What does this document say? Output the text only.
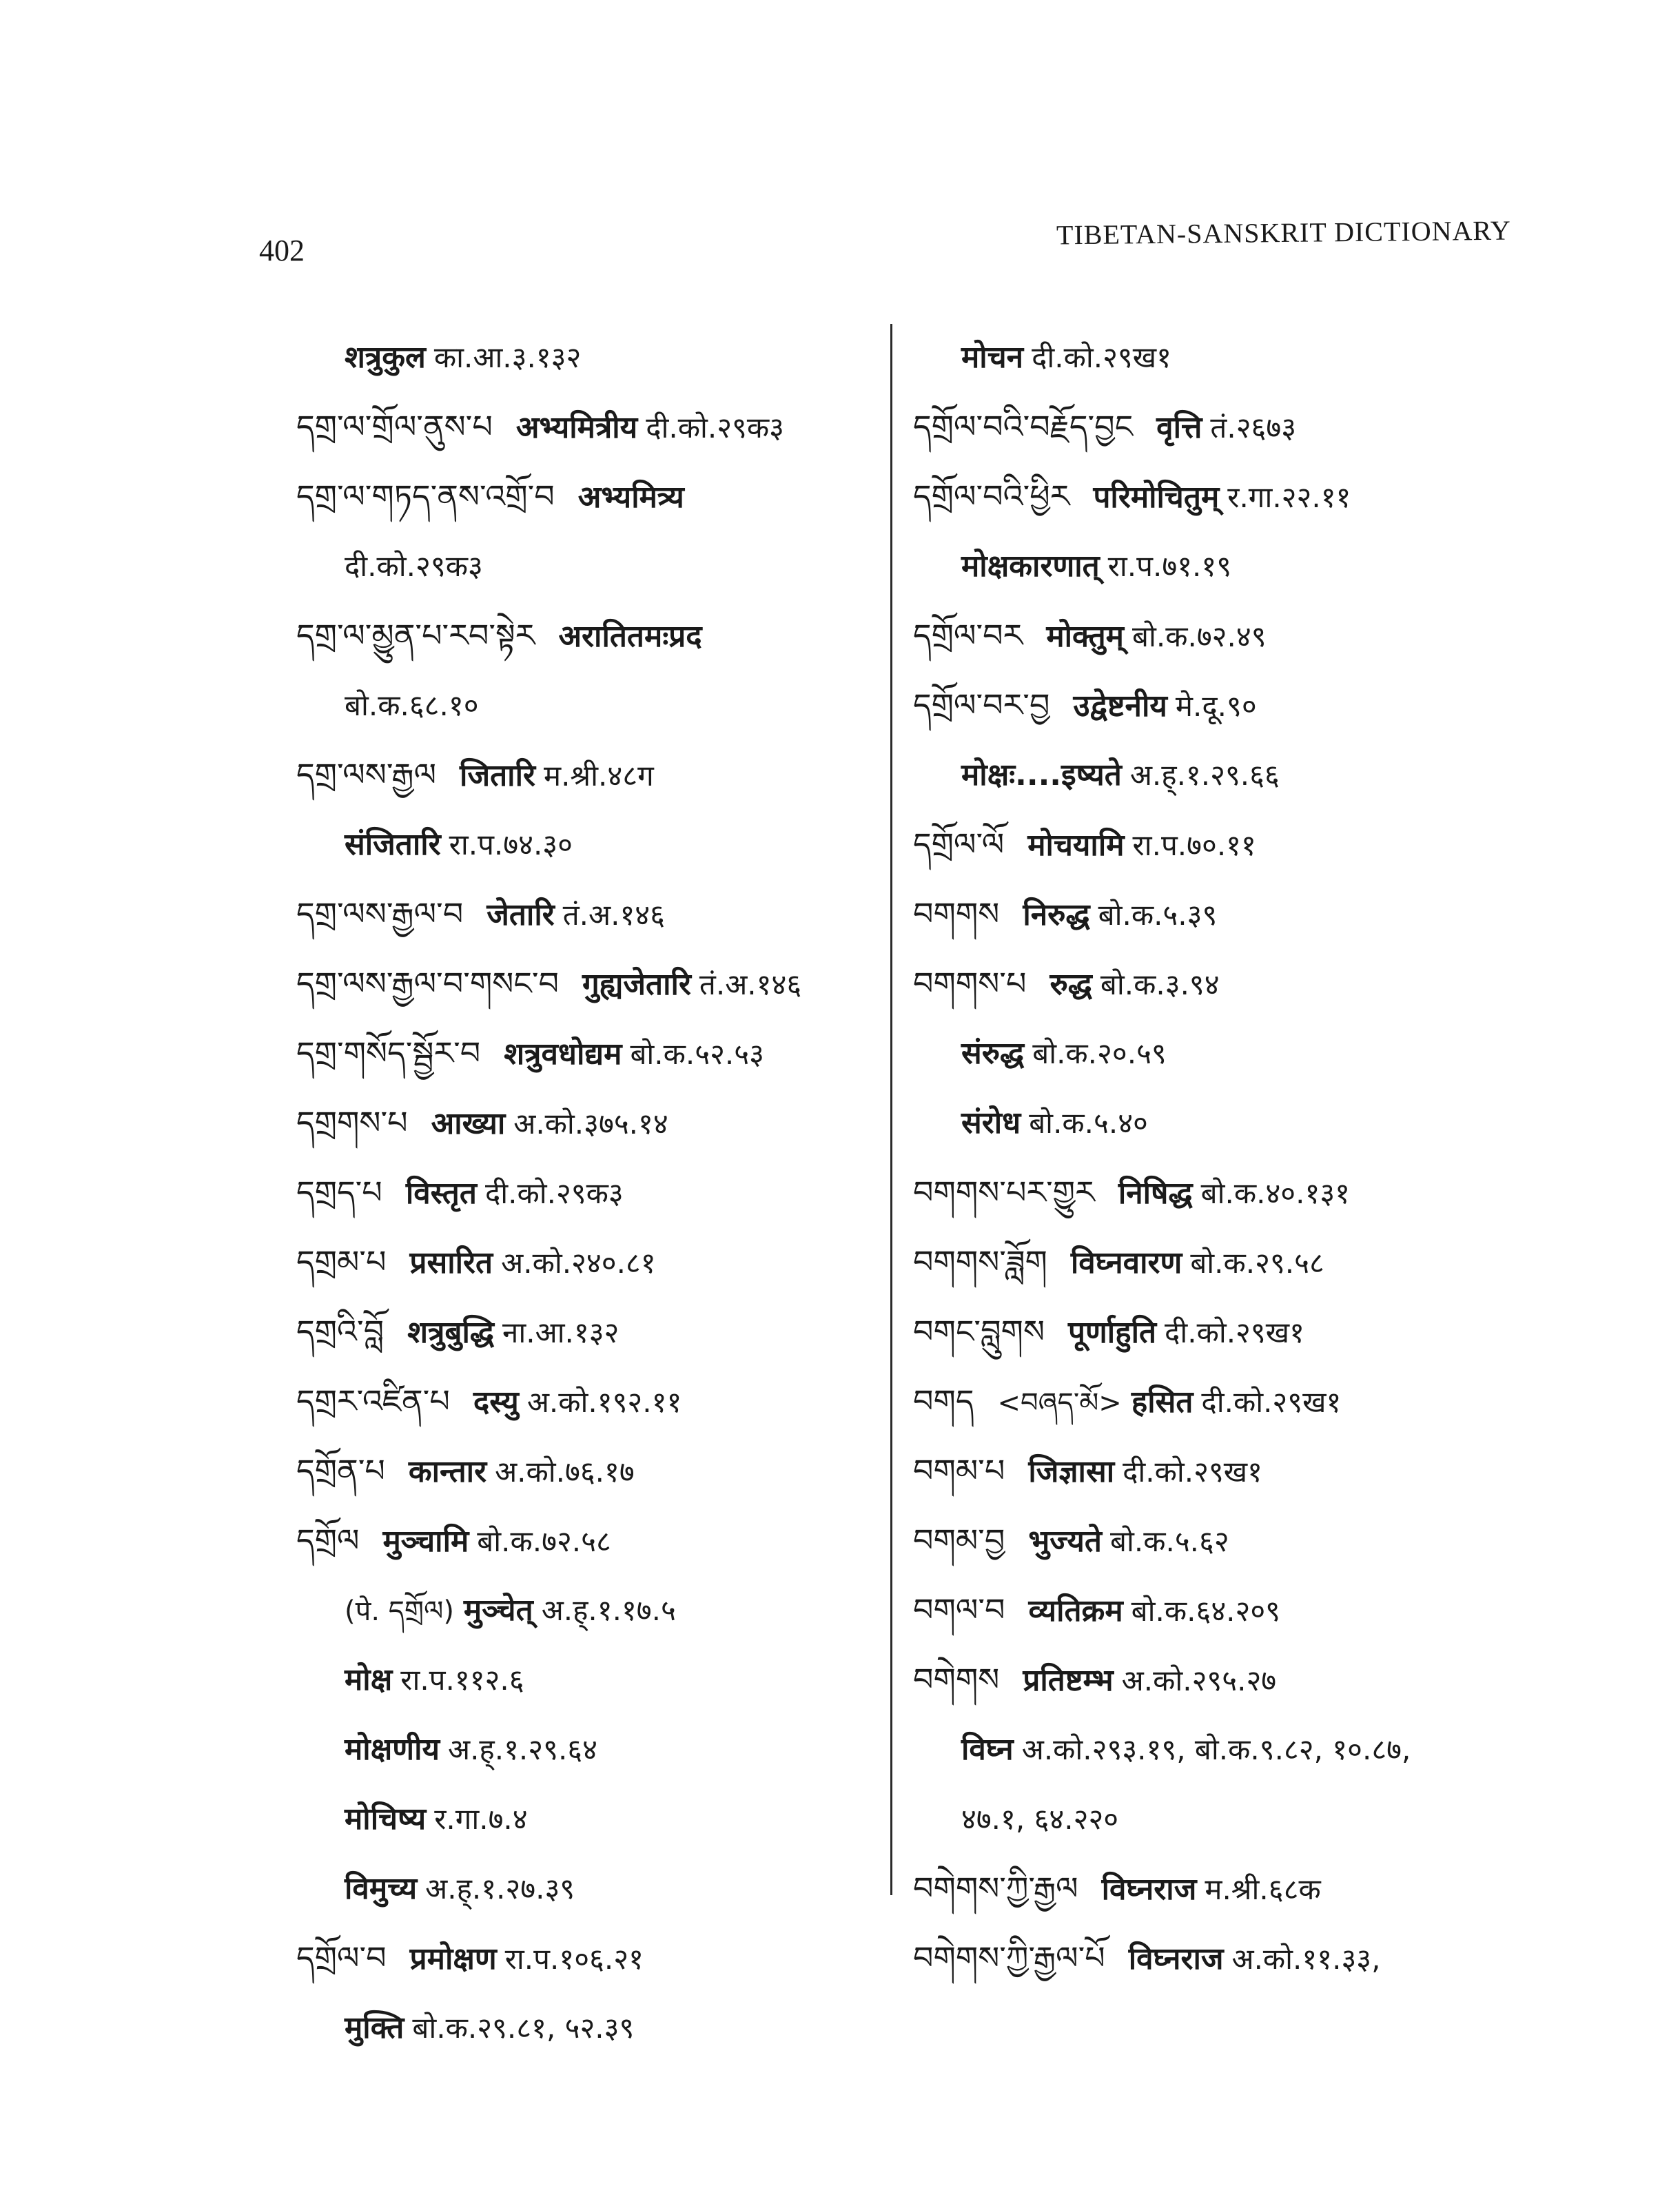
402
TIBETAN-SANSKRIT DICTIONARY
शत्रुकुल का.आ.३.१३२
དགྲ་ལ་གྲོལ་ནུས་པ अभ्यमित्रीय दी.को.२९क३
དགྲ་ལ་གཏད་ནས་འགྲོ་བ अभ्यमित्र्य
दी.को.२९क३
དགྲ་ལ་མྱུན་པ་རབ་སྟེར अरातितमःप्रद
बो.क.६८.१०
དགྲ་ལས་རྒྱལ जितारि म.श्री.४८ग
संजितारि रा.प.७४.३०
དགྲ་ལས་རྒྱལ་བ जेतारि तं.अ.१४६
དགྲ་ལས་རྒྱལ་བ་གསང་བ गुह्यजेतारि तं.अ.१४६
དགྲ་གསོད་སྦྱོར་བ शत्रुवधोद्यम बो.क.५२.५३
དགྲགས་པ आख्या अ.को.३७५.१४
དགྲད་པ विस्तृत दी.को.२९क३
དགྲམ་པ प्रसारित अ.को.२४०.८१
དགྲའི་བློ शत्रुबुद्धि ना.आ.१३२
དགྲར་འཛིན་པ दस्यु अ.को.१९२.११
དགྲོན་པ कान्तार अ.को.७६.१७
དགྲོལ मुञ्चामि बो.क.७२.५८
(पे. དགྲོལ) मुञ्चेत् अ.ह्.१.१७.५
मोक्ष रा.प.११२.६
मोक्षणीय अ.ह्.१.२९.६४
मोचिष्य र.गा.७.४
विमुच्य अ.ह्.१.२७.३९
དགྲོལ་བ प्रमोक्षण रा.प.१०६.२१
मुक्ति बो.क.२९.८१, ५२.३९
मोचन दी.को.२९ख१
དགྲོལ་བའི་བརྗོད་བྱང वृत्ति तं.२६७३
དགྲོལ་བའི་ཕྱིར परिमोचितुम् र.गा.२२.११
मोक्षकारणात् रा.प.७१.१९
དགྲོལ་བར मोक्तुम् बो.क.७२.४९
དགྲོལ་བར་བྱ उद्वेष्टनीय मे.दू.९०
मोक्षः....इष्यते अ.ह्.१.२९.६६
དགྲོལ་ལོ मोचयामि रा.प.७०.११
བགགས निरुद्ध बो.क.५.३९
བགགས་པ रुद्ध बो.क.३.९४
संरुद्ध बो.क.२०.५९
संरोध बो.क.५.४०
བགགས་པར་གྱུར निषिद्ध बो.क.४०.१३१
བགགས་ཟློག विघ्नवारण बो.क.२९.५८
བགང་བླུགས पूर्णाहुति दी.को.२९ख१
བགད <བཞད་མོ> हसित दी.को.२९ख१
བགམ་པ जिज्ञासा दी.को.२९ख१
བགམ་བྱ भुज्यते बो.क.५.६२
བགལ་བ व्यतिक्रम बो.क.६४.२०९
བགེགས प्रतिष्टम्भ अ.को.२९५.२७
विघ्न अ.को.२९३.१९, बो.क.९.८२, १०.८७,
४७.१, ६४.२२०
བགེགས་ཀྱི་རྒྱལ विघ्नराज म.श्री.६८क
བགེགས་ཀྱི་རྒྱལ་པོ विघ्नराज अ.को.११.३३,
